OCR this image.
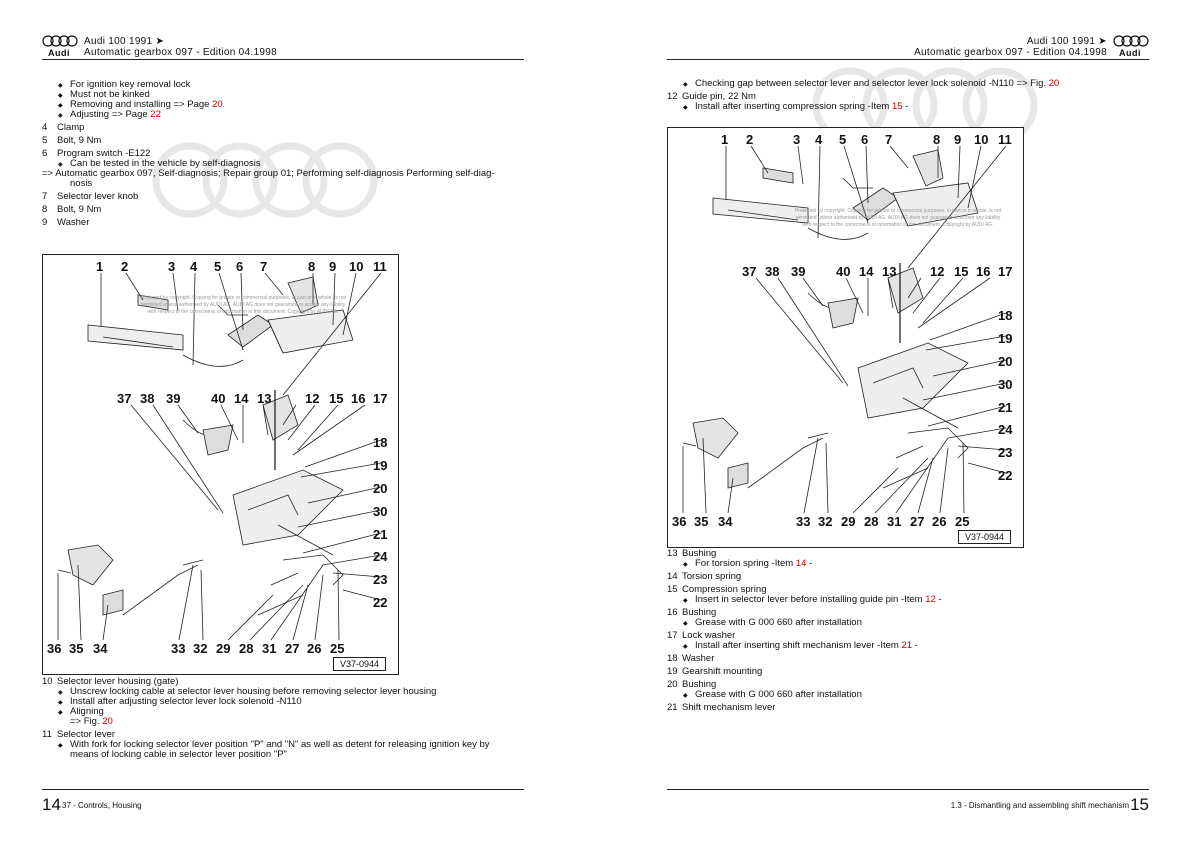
Audi
Audi 100 1991 ➤
Automatic gearbox 097 - Edition 04.1998
◆ For ignition key removal lock
◆ Must not be kinked
◆ Removing and installing => Page 20
◆ Adjusting => Page 22
4 Clamp
5 Bolt, 9 Nm
6 Program switch -E122
◆ Can be tested in the vehicle by self-diagnosis
=> Automatic gearbox 097, Self-diagnosis; Repair group 01; Performing self-diagnosis Performing self-diag-
nosis
7 Selector lever knob
8 Bolt, 9 Nm
9 Washer
1 2	3 4 5 6 7	8 9 10 11
37 38 39 40 14 13	12 15 16 17
18
19
20
30
21
24
23
22
36 35 34	33 32 29 28 31 27 26 25
V37-0944
Protected by copyright. Copying for private or commercial purposes, in part or in whole, is not
permitted unless authorised by AUDI AG. AUDI AG does not guarantee or accept any liability
with respect to the correctness of information in this document. Copyright by AUDI AG.
10 Selector lever housing (gate)
◆ Unscrew locking cable at selector lever housing before removing selector lever housing
◆ Install after adjusting selector lever lock solenoid -N110
◆ Aligning
=> Fig. 20
11 Selector lever
◆ With fork for locking selector lever position "P" and "N" as well as detent for releasing ignition key by
means of locking cable in selector lever position "P"
14 37 - Controls, Housing
Audi 100 1991 ➤
Automatic gearbox 097 - Edition 04.1998 Audi
◆ Checking gap between selector lever and selector lever lock solenoid -N110 => Fig. 20
12 Guide pin, 22 Nm
◆ Install after inserting compression spring -Item 15 -
1 2	3 4 5 6 7	8 9 10 11
37 38 39 40 14 13	12 15 16 17
18
19
20
30
21
24
23
22
36 35 34	33 32 29 28 31 27 26 25
V37-0944
Protected by copyright. Copying for private or commercial purposes, in part or in whole, is not
permitted unless authorised by AUDI AG. AUDI AG does not guarantee or accept any liability
with respect to the correctness of information in this document. Copyright by AUDI AG.
13 Bushing
◆ For torsion spring -Item 14 -
14 Torsion spring
15 Compression spring
◆ Insert in selector lever before installing guide pin -Item 12 -
16 Bushing
◆ Grease with G 000 660 after installation
17 Lock washer
◆ Install after inserting shift mechanism lever -Item 21 -
18 Washer
19 Gearshift mounting
20 Bushing
◆ Grease with G 000 660 after installation
21 Shift mechanism lever
1.3 - Dismantling and assembling shift mechanism 15
